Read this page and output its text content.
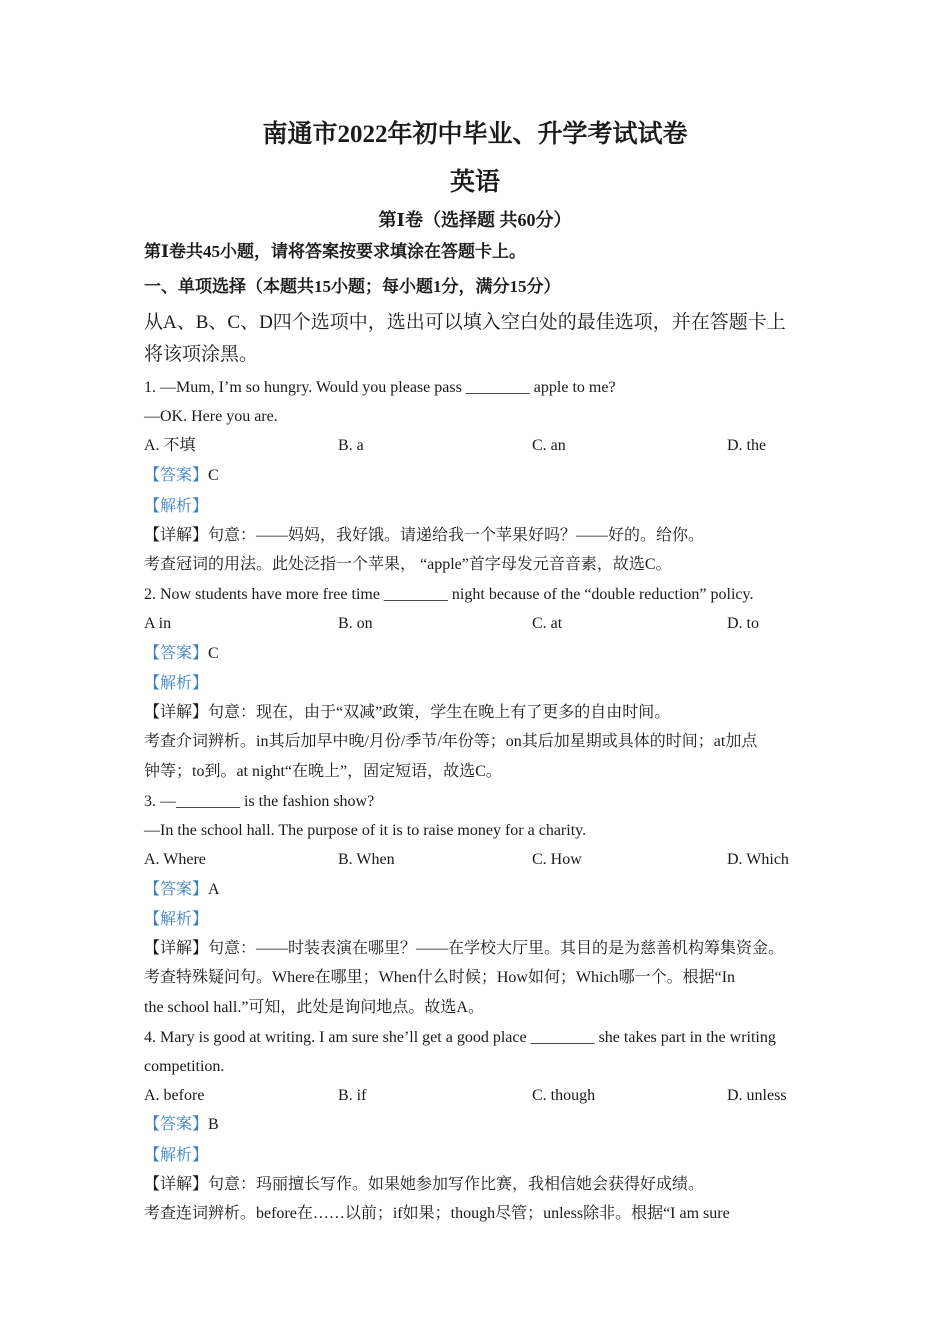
南通市2022年初中毕业、升学考试试卷
英语
第Ⅰ卷（选择题 共60分）
第Ⅰ卷共45小题，请将答案按要求填涂在答题卡上。
一、单项选择（本题共15小题；每小题1分，满分15分）
从A、B、C、D四个选项中，选出可以填入空白处的最佳选项，并在答题卡上
将该项涂黑。
1. —Mum, I’m so hungry. Would you please pass ________ apple to me?
—OK. Here you are.
A. 不填	B. a	C. an	D. the
【答案】C
【解析】
【详解】句意：——妈妈，我好饿。请递给我一个苹果好吗？——好的。给你。
考查冠词的用法。此处泛指一个苹果， “apple”首字母发元音音素，故选C。
2. Now students have more free time ________ night because of the “double reduction” policy.
A in	B. on	C. at	D. to
【答案】C
【解析】
【详解】句意：现在，由于“双减”政策，学生在晚上有了更多的自由时间。
考查介词辨析。in其后加早中晚/月份/季节/年份等；on其后加星期或具体的时间；at加点
钟等；to到。at night“在晚上”，固定短语，故选C。
3. —________ is the fashion show?
—In the school hall. The purpose of it is to raise money for a charity.
A. Where	B. When	C. How	D. Which
【答案】A
【解析】
【详解】句意：——时装表演在哪里？——在学校大厅里。其目的是为慈善机构筹集资金。
考查特殊疑问句。Where在哪里；When什么时候；How如何；Which哪一个。根据“In
the school hall.”可知，此处是询问地点。故选A。
4. Mary is good at writing. I am sure she’ll get a good place ________ she takes part in the writing
competition.
A. before	B. if	C. though	D. unless
【答案】B
【解析】
【详解】句意：玛丽擅长写作。如果她参加写作比赛，我相信她会获得好成绩。
考查连词辨析。before在……以前；if如果；though尽管；unless除非。根据“I am sure
